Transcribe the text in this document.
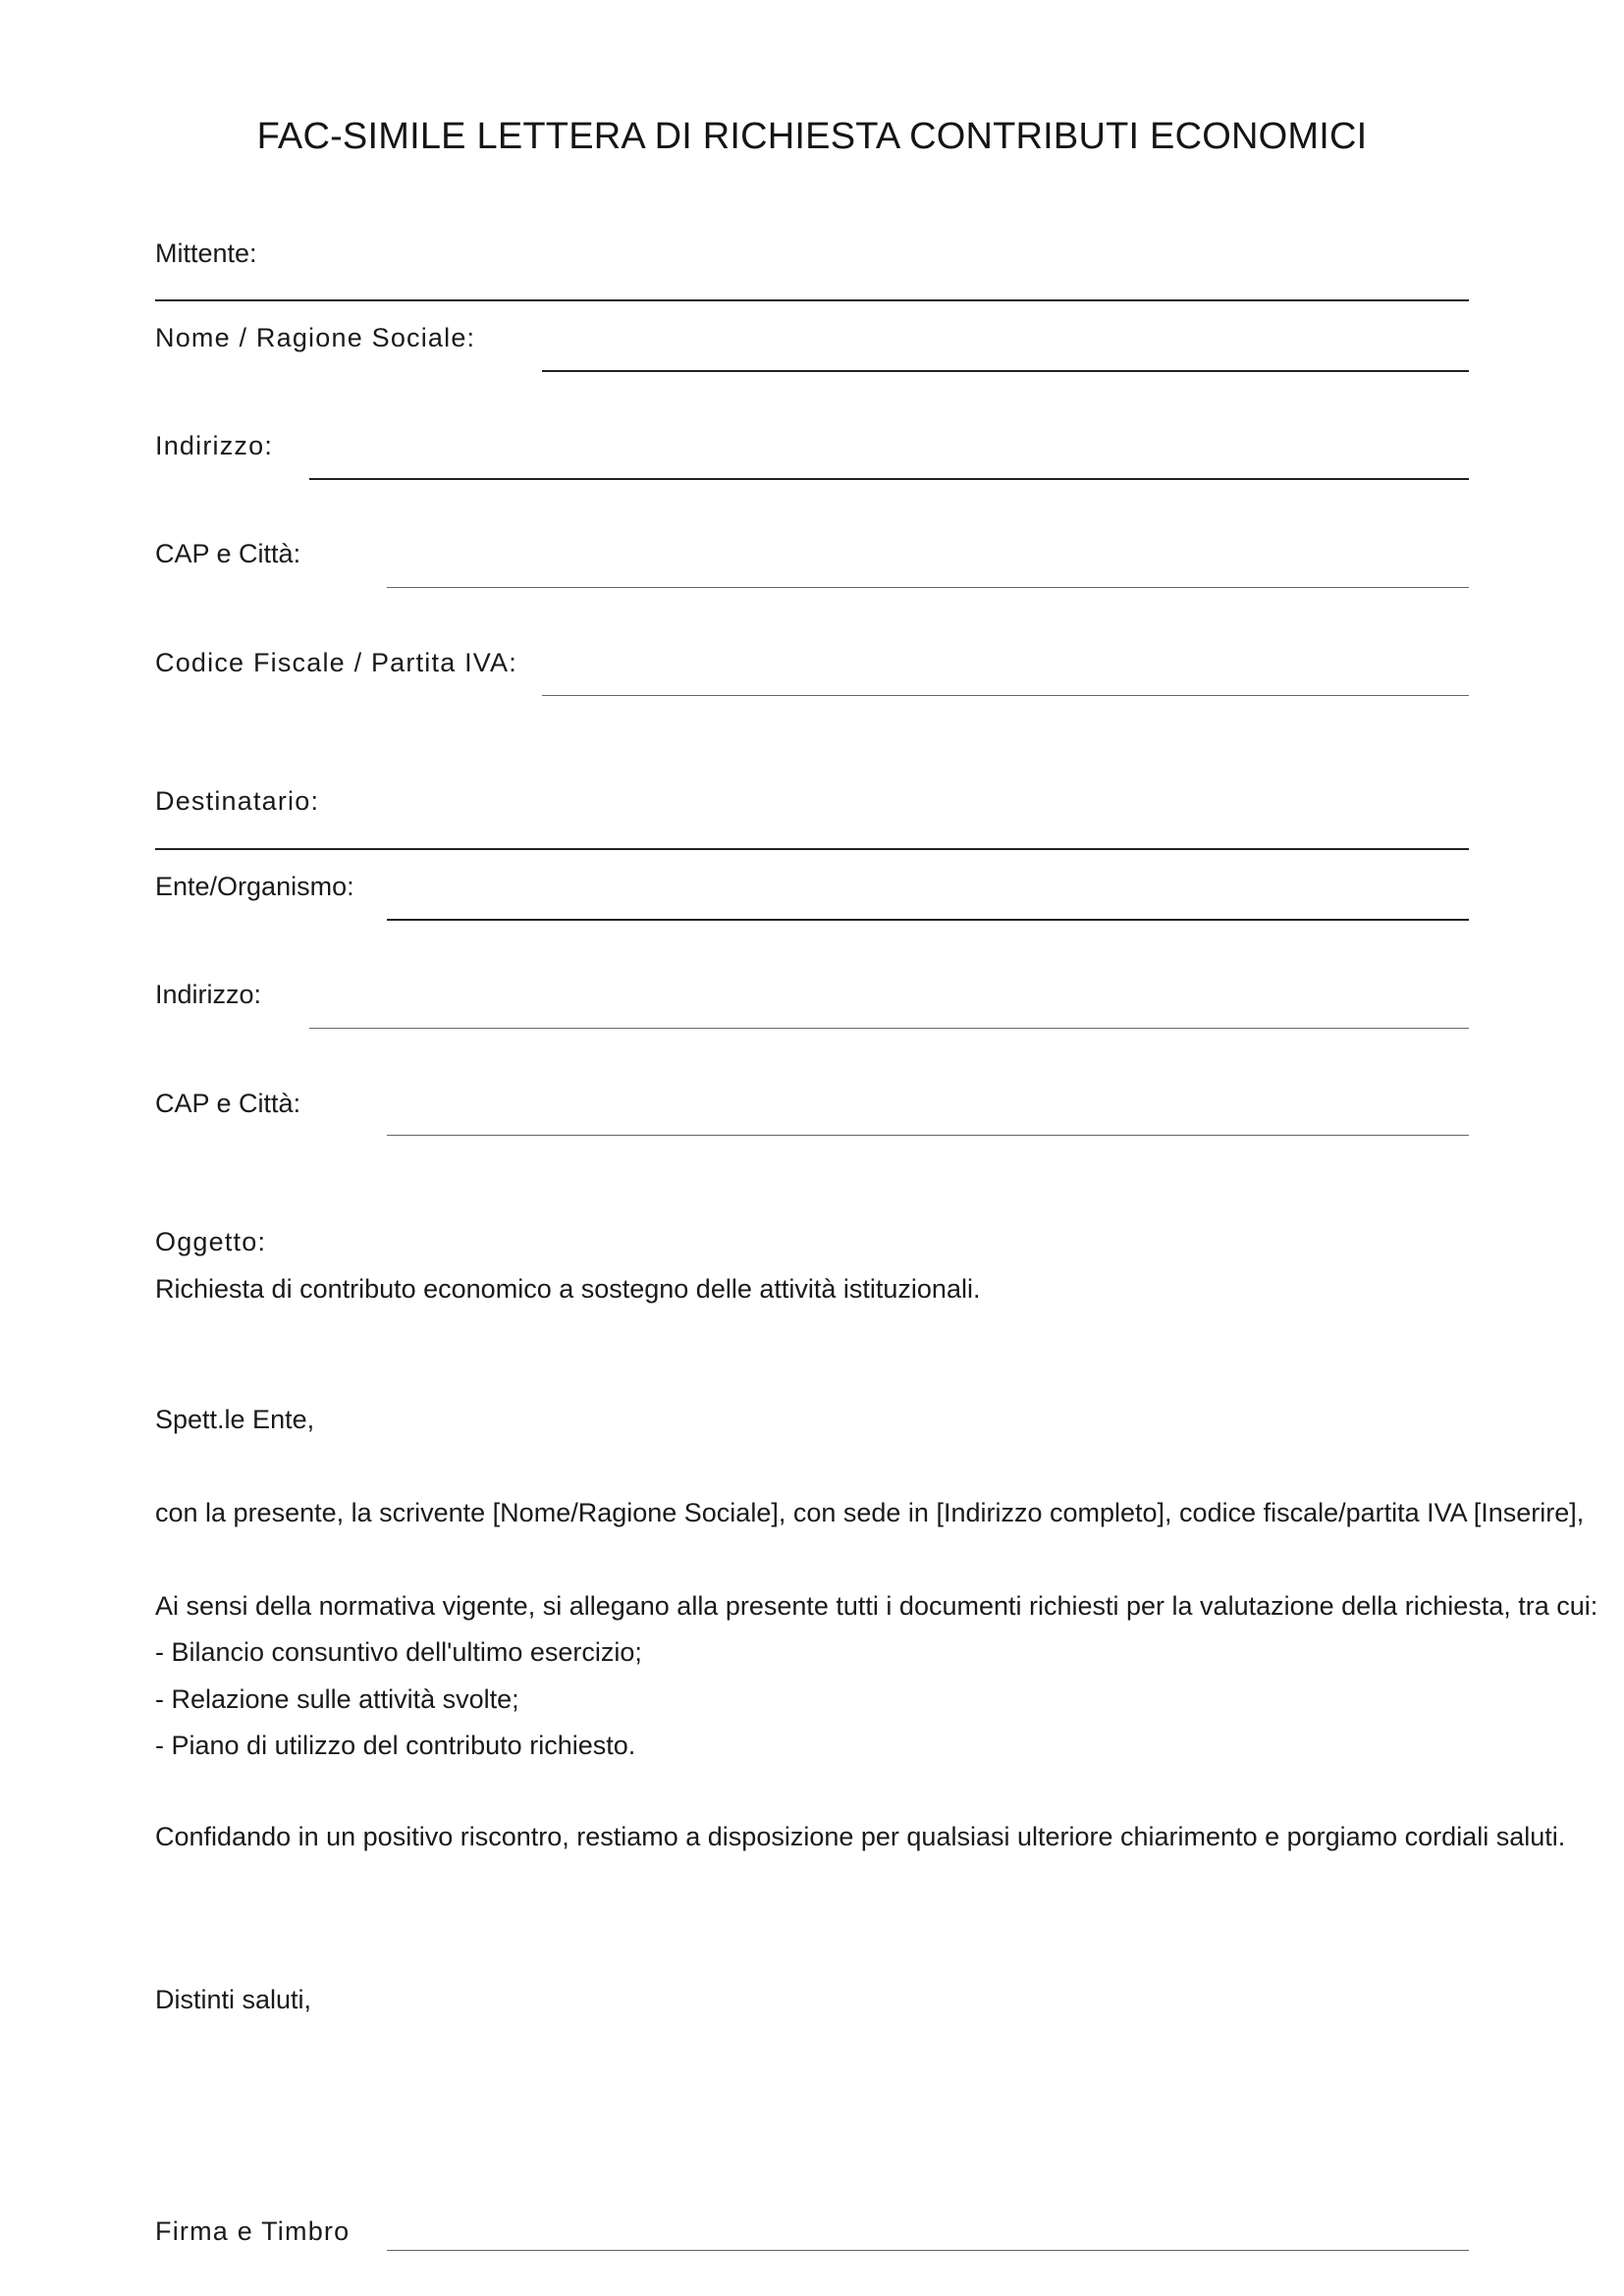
FAC-SIMILE LETTERA DI RICHIESTA CONTRIBUTI ECONOMICI
Mittente:
Nome / Ragione Sociale:
Indirizzo:
CAP e Città:
Codice Fiscale / Partita IVA:
Destinatario:
Ente/Organismo:
Indirizzo:
CAP e Città:
Oggetto:
Richiesta di contributo economico a sostegno delle attività istituzionali.
Spett.le Ente,
con la presente, la scrivente [Nome/Ragione Sociale], con sede in [Indirizzo completo], codice fiscale/partita IVA [Inserire],
Ai sensi della normativa vigente, si allegano alla presente tutti i documenti richiesti per la valutazione della richiesta, tra cui:
- Bilancio consuntivo dell'ultimo esercizio;
- Relazione sulle attività svolte;
- Piano di utilizzo del contributo richiesto.
Confidando in un positivo riscontro, restiamo a disposizione per qualsiasi ulteriore chiarimento e porgiamo cordiali saluti.
Distinti saluti,
Firma e Timbro
